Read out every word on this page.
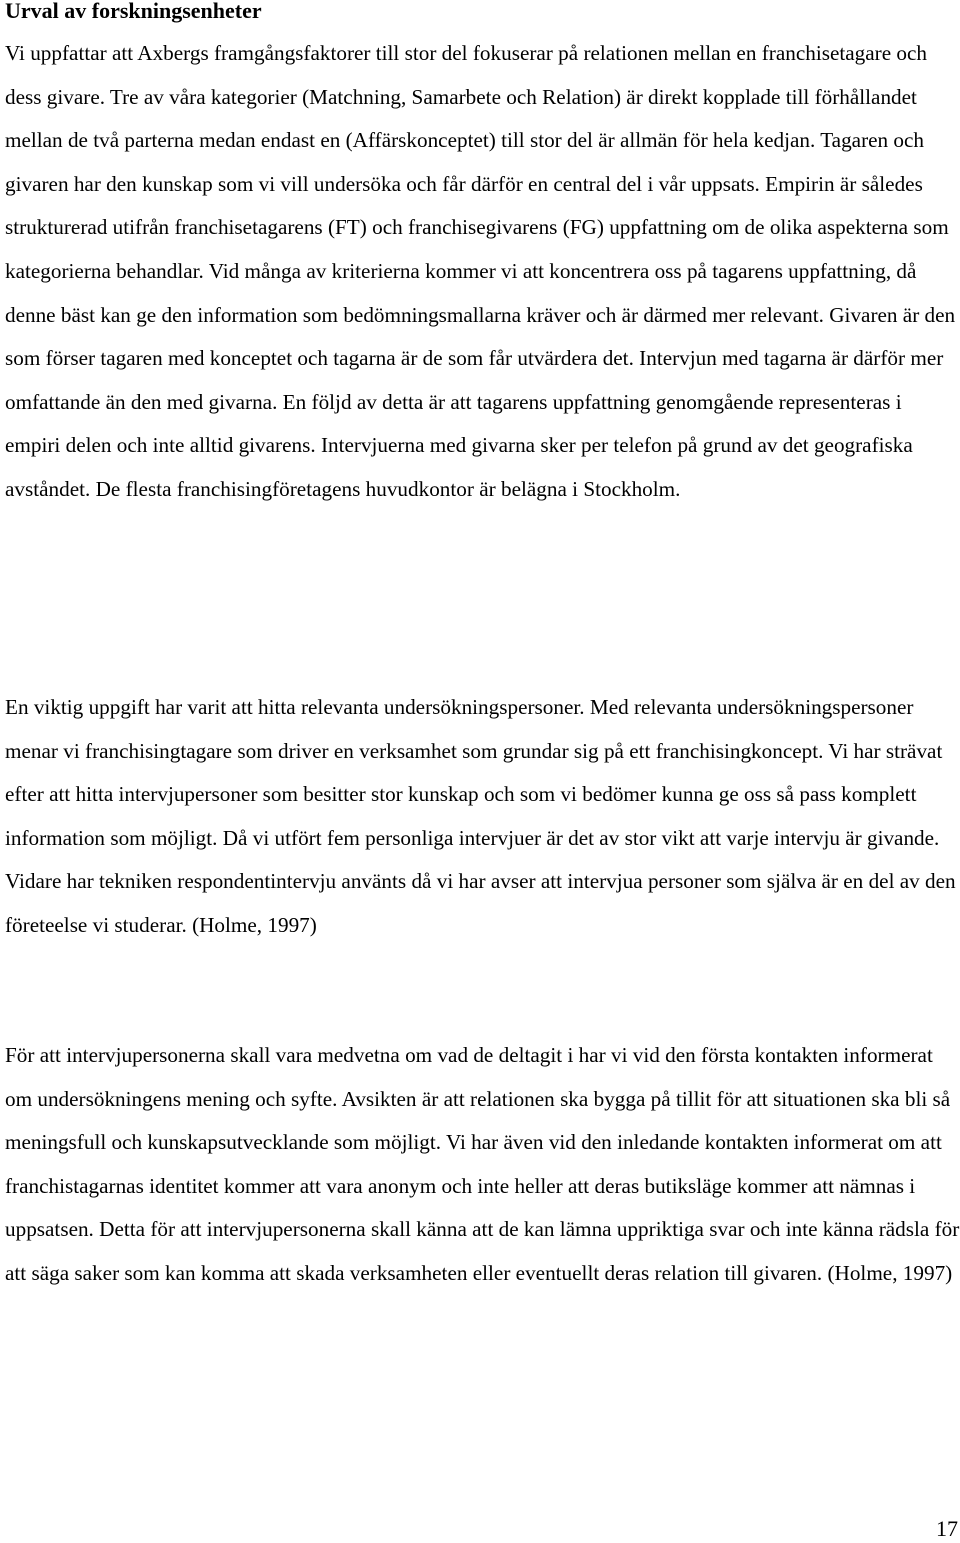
Urval av forskningsenheter

Vi uppfattar att Axbergs framgångsfaktorer till stor del fokuserar på relationen mellan en franchisetagare och dess givare. Tre av våra kategorier (Matchning, Samarbete och Relation) är direkt kopplade till förhållandet mellan de två parterna medan endast en (Affärskonceptet) till stor del är allmän för hela kedjan. Tagaren och givaren har den kunskap som vi vill undersöka och får därför en central del i vår uppsats. Empirin är således strukturerad utifrån franchisetagarens (FT) och franchisegivarens (FG) uppfattning om de olika aspekterna som kategorierna behandlar. Vid många av kriterierna kommer vi att koncentrera oss på tagarens uppfattning, då denne bäst kan ge den information som bedömningsmallarna kräver och är därmed mer relevant. Givaren är den som förser tagaren med konceptet och tagarna är de som får utvärdera det. Intervjun med tagarna är därför mer omfattande än den med givarna. En följd av detta är att tagarens uppfattning genomgående representeras i empiri delen och inte alltid givarens. Intervjuerna med givarna sker per telefon på grund av det geografiska avståndet. De flesta franchisingföretagens huvudkontor är belägna i Stockholm.

En viktig uppgift har varit att hitta relevanta undersökningspersoner. Med relevanta undersökningspersoner menar vi franchisingtagare som driver en verksamhet som grundar sig på ett franchisingkoncept. Vi har strävat efter att hitta intervjupersoner som besitter stor kunskap och som vi bedömer kunna ge oss så pass komplett information som möjligt. Då vi utfört fem personliga intervjuer är det av stor vikt att varje intervju är givande. Vidare har tekniken respondentintervju använts då vi har avser att intervjua personer som själva är en del av den företeelse vi studerar. (Holme, 1997)

För att intervjupersonerna skall vara medvetna om vad de deltagit i har vi vid den första kontakten informerat om undersökningens mening och syfte. Avsikten är att relationen ska bygga på tillit för att situationen ska bli så meningsfull och kunskapsutvecklande som möjligt. Vi har även vid den inledande kontakten informerat om att franchistagarnas identitet kommer att vara anonym och inte heller att deras butiksläge kommer att nämnas i uppsatsen. Detta för att intervjupersonerna skall känna att de kan lämna uppriktiga svar och inte känna rädsla för att säga saker som kan komma att skada verksamheten eller eventuellt deras relation till givaren. (Holme, 1997)

17
